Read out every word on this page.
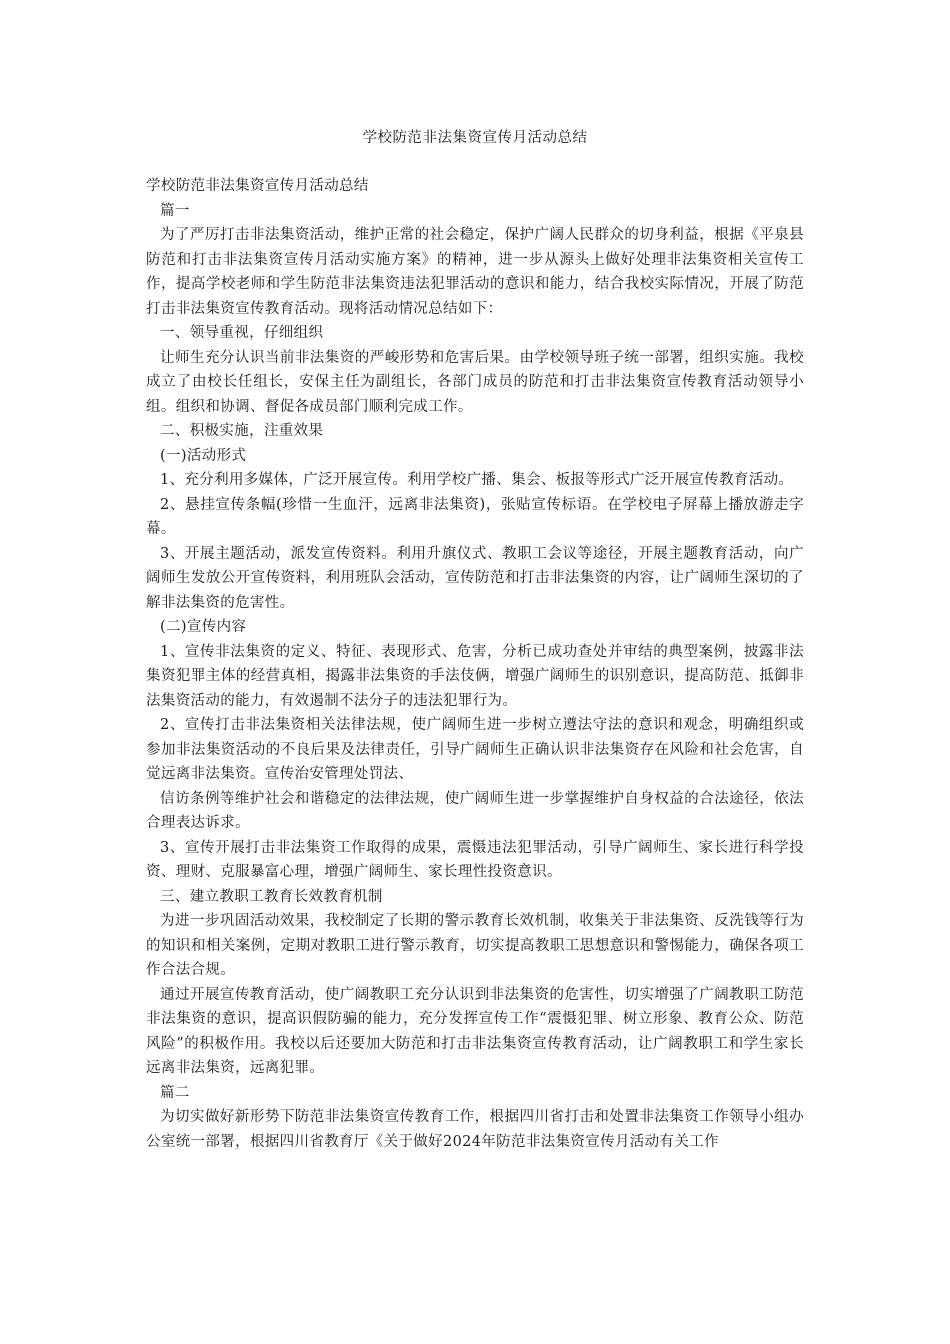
学校防范非法集资宣传月活动总结

学校防范非法集资宣传月活动总结

篇一

为了严厉打击非法集资活动，维护正常的社会稳定，保护广阔人民群众的切身利益，根据《平泉县防范和打击非法集资宣传月活动实施方案》的精神，进一步从源头上做好处理非法集资相关宣传工作，提高学校老师和学生防范非法集资违法犯罪活动的意识和能力，结合我校实际情况，开展了防范打击非法集资宣传教育活动。现将活动情况总结如下：

一、领导重视，仔细组织

让师生充分认识当前非法集资的严峻形势和危害后果。由学校领导班子统一部署，组织实施。我校成立了由校长任组长，安保主任为副组长，各部门成员的防范和打击非法集资宣传教育活动领导小组。组织和协调、督促各成员部门顺利完成工作。

二、积极实施，注重效果

(一)活动形式

1、充分利用多媒体，广泛开展宣传。利用学校广播、集会、板报等形式广泛开展宣传教育活动。

2、悬挂宣传条幅(珍惜一生血汗，远离非法集资)，张贴宣传标语。在学校电子屏幕上播放游走字幕。

3、开展主题活动，派发宣传资料。利用升旗仪式、教职工会议等途径，开展主题教育活动，向广阔师生发放公开宣传资料，利用班队会活动，宣传防范和打击非法集资的内容，让广阔师生深切的了解非法集资的危害性。

(二)宣传内容

1、宣传非法集资的定义、特征、表现形式、危害，分析已成功查处并审结的典型案例，披露非法集资犯罪主体的经营真相，揭露非法集资的手法伎俩，增强广阔师生的识别意识，提高防范、抵御非法集资活动的能力，有效遏制不法分子的违法犯罪行为。

2、宣传打击非法集资相关法律法规，使广阔师生进一步树立遵法守法的意识和观念，明确组织或参加非法集资活动的不良后果及法律责任，引导广阔师生正确认识非法集资存在风险和社会危害，自觉远离非法集资。宣传治安管理处罚法、

信访条例等维护社会和谐稳定的法律法规，使广阔师生进一步掌握维护自身权益的合法途径，依法合理表达诉求。

3、宣传开展打击非法集资工作取得的成果，震慑违法犯罪活动，引导广阔师生、家长进行科学投资、理财、克服暴富心理，增强广阔师生、家长理性投资意识。

三、建立教职工教育长效教育机制

为进一步巩固活动效果，我校制定了长期的警示教育长效机制，收集关于非法集资、反洗钱等行为的知识和相关案例，定期对教职工进行警示教育，切实提高教职工思想意识和警惕能力，确保各项工作合法合规。

通过开展宣传教育活动，使广阔教职工充分认识到非法集资的危害性，切实增强了广阔教职工防范非法集资的意识，提高识假防骗的能力，充分发挥宣传工作“震慑犯罪、树立形象、教育公众、防范风险”的积极作用。我校以后还要加大防范和打击非法集资宣传教育活动，让广阔教职工和学生家长远离非法集资，远离犯罪。

篇二

为切实做好新形势下防范非法集资宣传教育工作，根据四川省打击和处置非法集资工作领导小组办公室统一部署，根据四川省教育厅《关于做好2024年防范非法集资宣传月活动有关工作
